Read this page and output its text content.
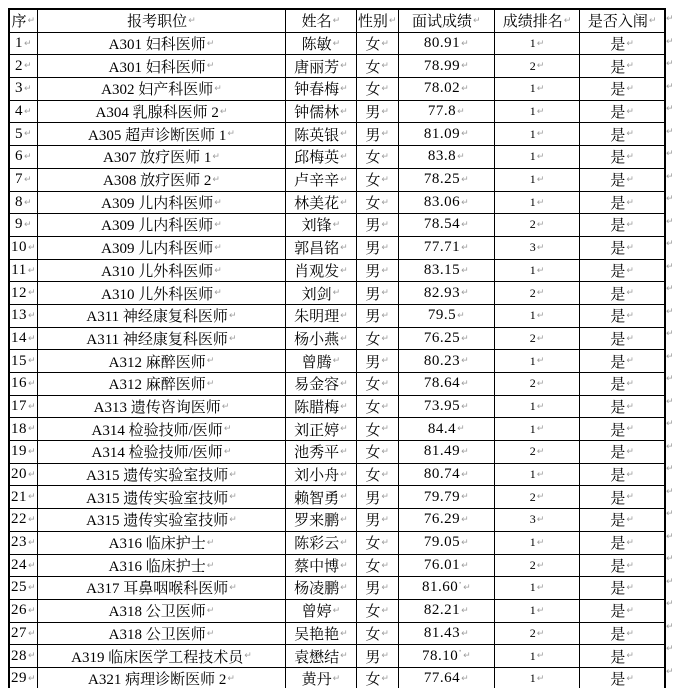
序↵	报考职位↵	姓名↵	性别↵	面试成绩↵	成绩排名↵	是否入闱↵
1↵	A301 妇科医师↵	陈敏↵	女↵	80.91↵	1↵	是↵
2↵	A301 妇科医师↵	唐丽芳↵	女↵	78.99↵	2↵	是↵
3↵	A302 妇产科医师↵	钟春梅↵	女↵	78.02↵	1↵	是↵
4↵	A304 乳腺科医师 2↵	钟儒林↵	男↵	77.8↵	1↵	是↵
5↵	A305 超声诊断医师 1↵	陈英银↵	男↵	81.09↵	1↵	是↵
6↵	A307 放疗医师 1↵	邱梅英↵	女↵	83.8↵	1↵	是↵
7↵	A308 放疗医师 2↵	卢辛辛↵	女↵	78.25↵	1↵	是↵
8↵	A309 儿内科医师↵	林美花↵	女↵	83.06↵	1↵	是↵
9↵	A309 儿内科医师↵	刘锋↵	男↵	78.54↵	2↵	是↵
10↵	A309 儿内科医师↵	郭昌铭↵	男↵	77.71↵	3↵	是↵
11↵	A310 儿外科医师↵	肖观发↵	男↵	83.15↵	1↵	是↵
12↵	A310 儿外科医师↵	刘剑↵	男↵	82.93↵	2↵	是↵
13↵	A311 神经康复科医师↵	朱明理↵	男↵	79.5↵	1↵	是↵
14↵	A311 神经康复科医师↵	杨小燕↵	女↵	76.25↵	2↵	是↵
15↵	A312 麻醉医师↵	曾腾↵	男↵	80.23↵	1↵	是↵
16↵	A312 麻醉医师↵	易金容↵	女↵	78.64↵	2↵	是↵
17↵	A313 遗传咨询医师↵	陈腊梅↵	女↵	73.95↵	1↵	是↵
18↵	A314 检验技师/医师↵	刘正婷↵	女↵	84.4↵	1↵	是↵
19↵	A314 检验技师/医师↵	池秀平↵	女↵	81.49↵	2↵	是↵
20↵	A315 遗传实验室技师↵	刘小舟↵	女↵	80.74↵	1↵	是↵
21↵	A315 遗传实验室技师↵	赖智勇↵	男↵	79.79↵	2↵	是↵
22↵	A315 遗传实验室技师↵	罗来鹏↵	男↵	76.29↵	3↵	是↵
23↵	A316 临床护士↵	陈彩云↵	女↵	79.05↵	1↵	是↵
24↵	A316 临床护士↵	蔡中博↵	女↵	76.01↵	2↵	是↵
25↵	A317 耳鼻咽喉科医师↵	杨凌鹏↵	男↵	81.60·↵	1↵	是↵
26↵	A318 公卫医师↵	曾婷↵	女↵	82.21↵	1↵	是↵
27↵	A318 公卫医师↵	吴艳艳↵	女↵	81.43↵	2↵	是↵
28↵	A319 临床医学工程技术员↵	袁懋结↵	男↵	78.10·↵	1↵	是↵
29↵	A321 病理诊断医师 2↵	黄丹↵	女↵	77.64↵	1↵	是↵
↵
↵
↵
↵
↵
↵
↵
↵
↵
↵
↵
↵
↵
↵
↵
↵
↵
↵
↵
↵
↵
↵
↵
↵
↵
↵
↵
↵
↵
↵
